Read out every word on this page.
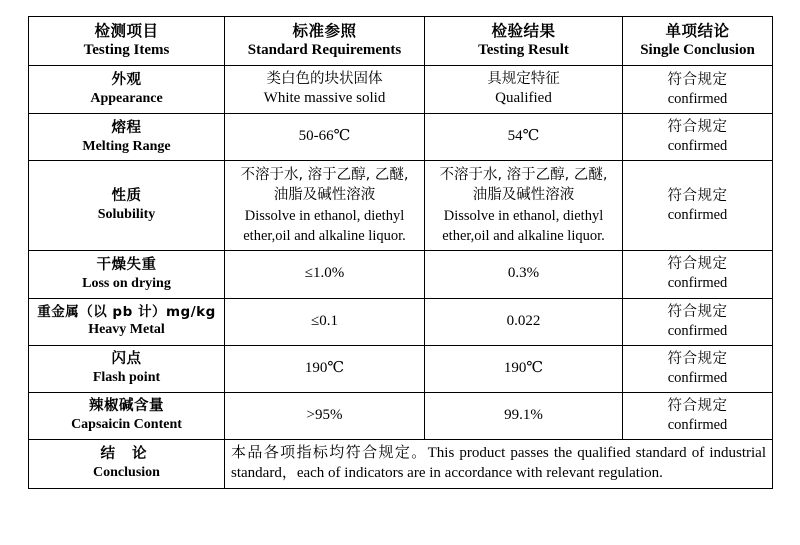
检测项目
Testing Items	标准参照
Standard Requirements	检验结果
Testing Result	单项结论
Single Conclusion

外观
Appearance	类白色的块状固体
White massive solid	具规定特征
Qualified	符合规定
confirmed

熔程
Melting Range	50-66℃	54℃	符合规定
confirmed

性质
Solubility	不溶于水, 溶于乙醇, 乙醚, 油脂及碱性溶液
Dissolve in ethanol, diethyl ether,oil and alkaline liquor.	不溶于水, 溶于乙醇, 乙醚, 油脂及碱性溶液
Dissolve in ethanol, diethyl ether,oil and alkaline liquor.	符合规定
confirmed

干燥失重
Loss on drying	≤1.0%	0.3%	符合规定
confirmed

重金属（以 pb 计）mg/kg
Heavy Metal	≤0.1	0.022	符合规定
confirmed

闪点
Flash point	190℃	190℃	符合规定
confirmed

辣椒碱含量
Capsaicin Content	>95%	99.1%	符合规定
confirmed

结 论
Conclusion	本品各项指标均符合规定。This product passes the qualified standard of industrial
standard，each of indicators are in accordance with relevant regulation.		
